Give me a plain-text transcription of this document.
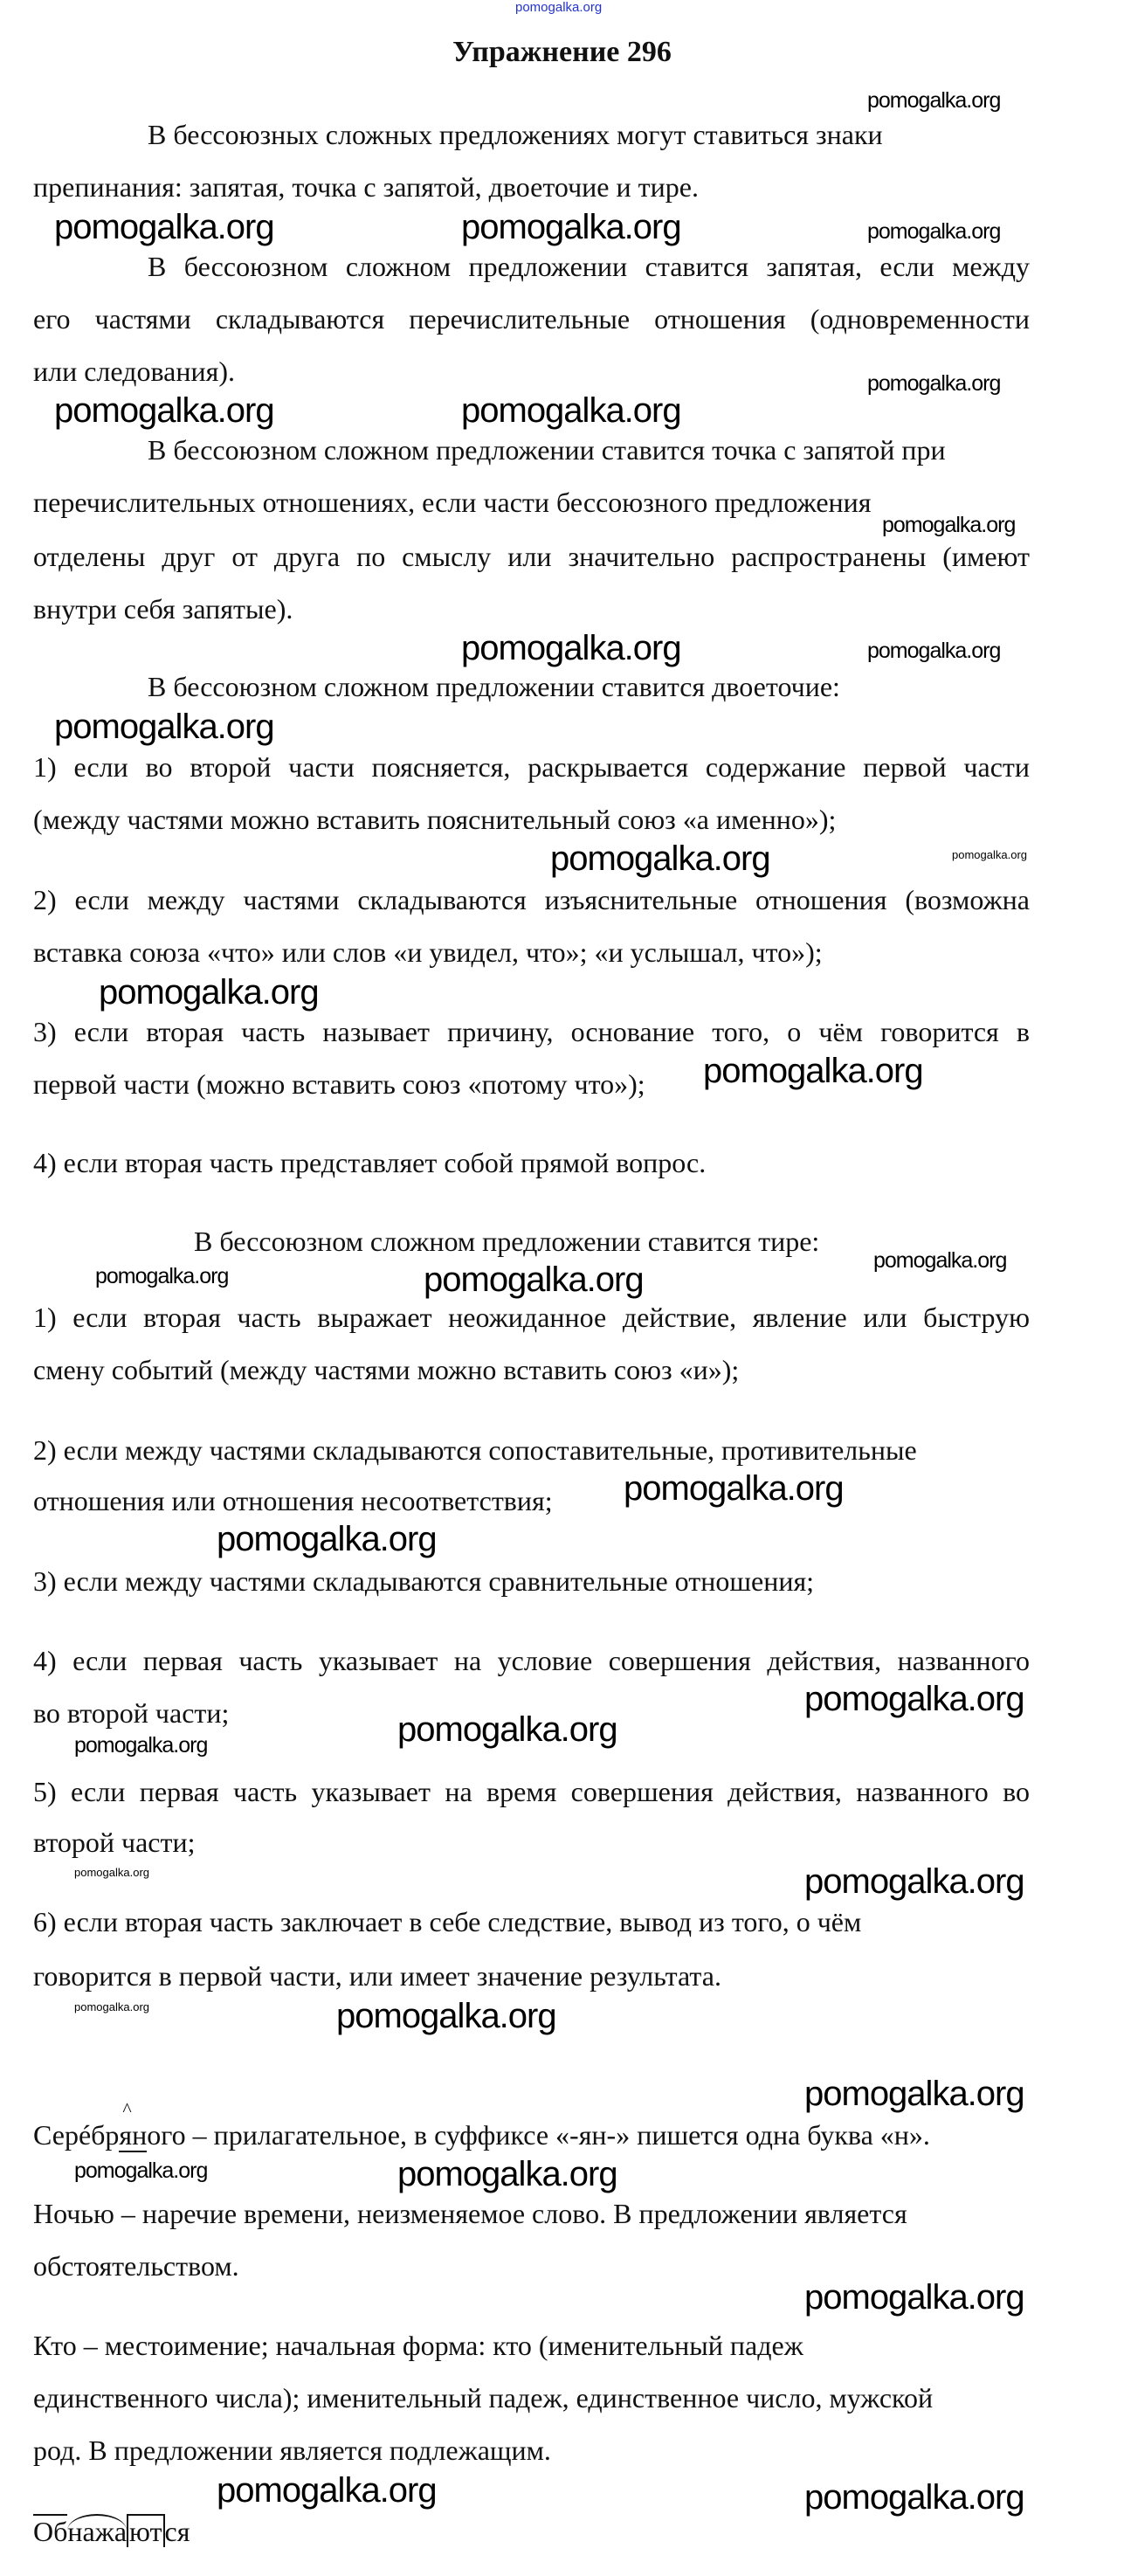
pomogalka.org
Упражнение 296
pomogalka.org
pomogalka.org	pomogalka.org	pomogalka.org
pomogalka.org
pomogalka.org
pomogalka.org
pomogalka.org
pomogalka.org	pomogalka.org
pomogalka.org
pomogalka.org	pomogalka.org
pomogalka.org
pomogalka.org
pomogalka.org
pomogalka.org	pomogalka.org
pomogalka.org
pomogalka.org
pomogalka.org
pomogalka.org	pomogalka.org
pomogalka.org	pomogalka.org
pomogalka.org
pomogalka.org
pomogalka.org
pomogalka.org	pomogalka.org
pomogalka.org
pomogalka.org	pomogalka.org
В бессоюзных сложных предложениях могут ставиться знаки
препинания: запятая, точка с запятой, двоеточие и тире.
В бессоюзном сложном предложении ставится запятая, если между
его частями складываются перечислительные отношения (одновременности
или следования).
В бессоюзном сложном предложении ставится точка с запятой при
перечислительных отношениях, если части бессоюзного предложения
отделены друг от друга по смыслу или значительно распространены (имеют
внутри себя запятые).
В бессоюзном сложном предложении ставится двоеточие:
1) если во второй части поясняется, раскрывается содержание первой части
(между частями можно вставить пояснительный союз «а именно»);
2) если между частями складываются изъяснительные отношения (возможна
вставка союза «что» или слов «и увидел, что»; «и услышал, что»);
3) если вторая часть называет причину, основание того, о чём говорится в
первой части (можно вставить союз «потому что»);
4) если вторая часть представляет собой прямой вопрос.
В бессоюзном сложном предложении ставится тире:
1) если вторая часть выражает неожиданное действие, явление или быструю
смену событий (между частями можно вставить союз «и»);
2) если между частями складываются сопоставительные, противительные
отношения или отношения несоответствия;
3) если между частями складываются сравнительные отношения;
4) если первая часть указывает на условие совершения действия, названного
во второй части;
5) если первая часть указывает на время совершения действия, названного во
второй части;
6) если вторая часть заключает в себе следствие, вывод из того, о чём
говорится в первой части, или имеет значение результата.
Серéбр
^
яного – прилагательное, в суффиксе «-ян-» пишется одна буква «н».
Ночью – наречие времени, неизменяемое слово. В предложении является
обстоятельством.
Кто – местоимение; начальная форма: кто (именительный падеж
единственного числа); именительный падеж, единственное число, мужской
род. В предложении является подлежащим.
Обнажаются
